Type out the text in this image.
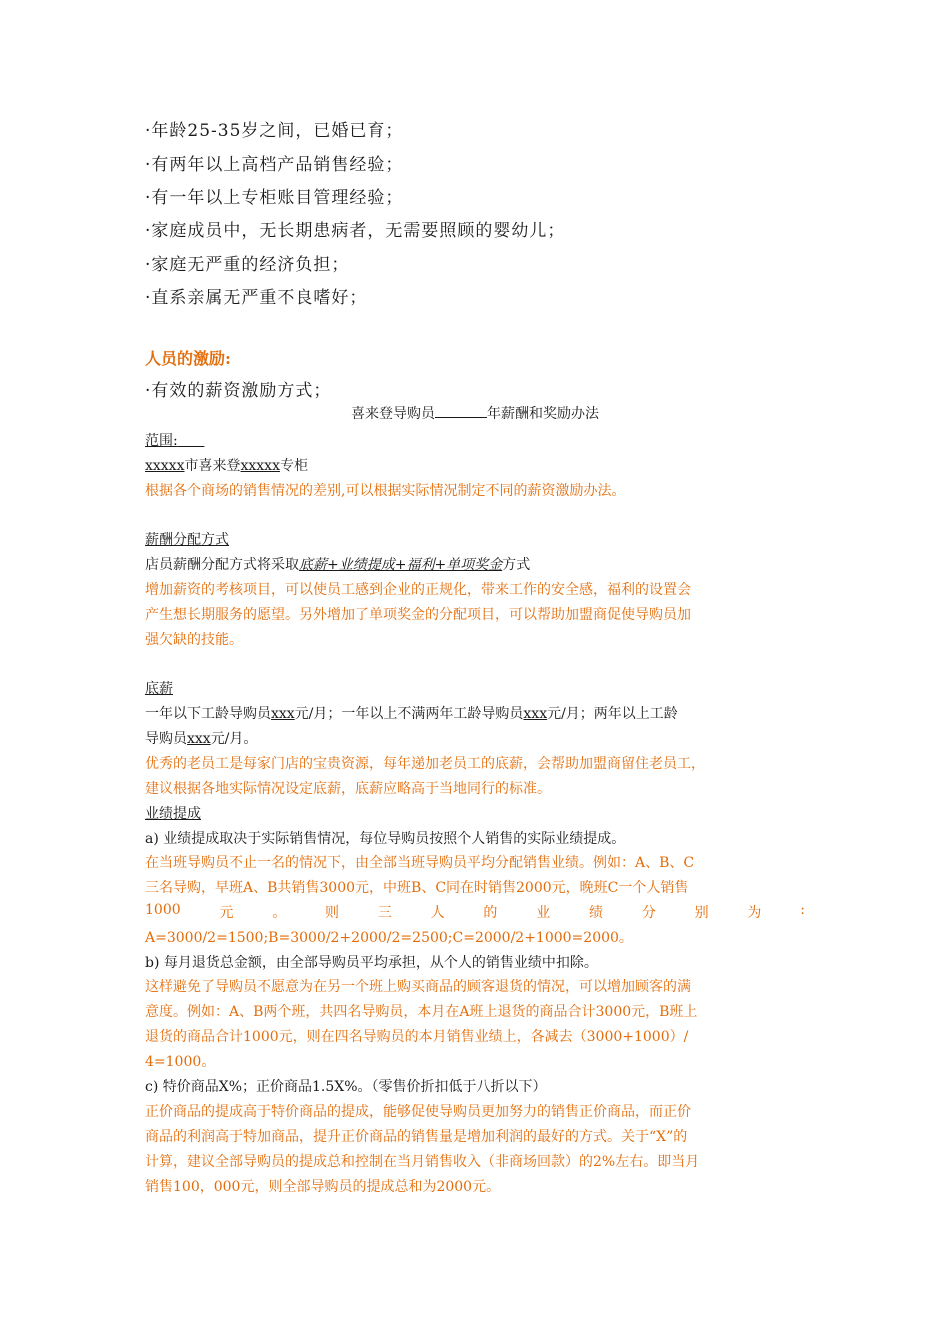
·年龄25-35岁之间，已婚已育；
·有两年以上高档产品销售经验；
·有一年以上专柜账目管理经验；
·家庭成员中，无长期患病者，无需要照顾的婴幼儿；
·家庭无严重的经济负担；
·直系亲属无严重不良嗜好；
人员的激励:
·有效的薪资激励方式；
喜来登导购员	年薪酬和奖励办法
范围:
xxxxx市喜来登xxxxx专柜
根据各个商场的销售情况的差别,可以根据实际情况制定不同的薪资激励办法。
薪酬分配方式
店员薪酬分配方式将采取底薪+业绩提成+福利+单项奖金方式
增加薪资的考核项目，可以使员工感到企业的正规化，带来工作的安全感，福利的设置会
产生想长期服务的愿望。另外增加了单项奖金的分配项目，可以帮助加盟商促使导购员加
强欠缺的技能。
底薪
一年以下工龄导购员xxx元/月；一年以上不满两年工龄导购员xxx元/月；两年以上工龄
导购员xxx元/月。
优秀的老员工是每家门店的宝贵资源，每年递加老员工的底薪，会帮助加盟商留住老员工，
建议根据各地实际情况设定底薪，底薪应略高于当地同行的标准。
业绩提成
a) 业绩提成取决于实际销售情况，每位导购员按照个人销售的实际业绩提成。
在当班导购员不止一名的情况下，由全部当班导购员平均分配销售业绩。例如：A、B、C
三名导购，早班A、B共销售3000元，中班B、C同在时销售2000元，晚班C一个人销售
1000	元	。	则	三	人	的	业	绩	分	别	为	:
A=3000/2=1500;B=3000/2+2000/2=2500;C=2000/2+1000=2000。
b) 每月退货总金额，由全部导购员平均承担，从个人的销售业绩中扣除。
这样避免了导购员不愿意为在另一个班上购买商品的顾客退货的情况，可以增加顾客的满
意度。例如：A、B两个班，共四名导购员，本月在A班上退货的商品合计3000元，B班上
退货的商品合计1000元，则在四名导购员的本月销售业绩上，各减去（3000+1000）/
4=1000。
c) 特价商品X%；正价商品1.5X%。（零售价折扣低于八折以下）
正价商品的提成高于特价商品的提成，能够促使导购员更加努力的销售正价商品，而正价
商品的利润高于特加商品，提升正价商品的销售量是增加利润的最好的方式。关于“X”的
计算，建议全部导购员的提成总和控制在当月销售收入（非商场回款）的2%左右。即当月
销售100，000元，则全部导购员的提成总和为2000元。
